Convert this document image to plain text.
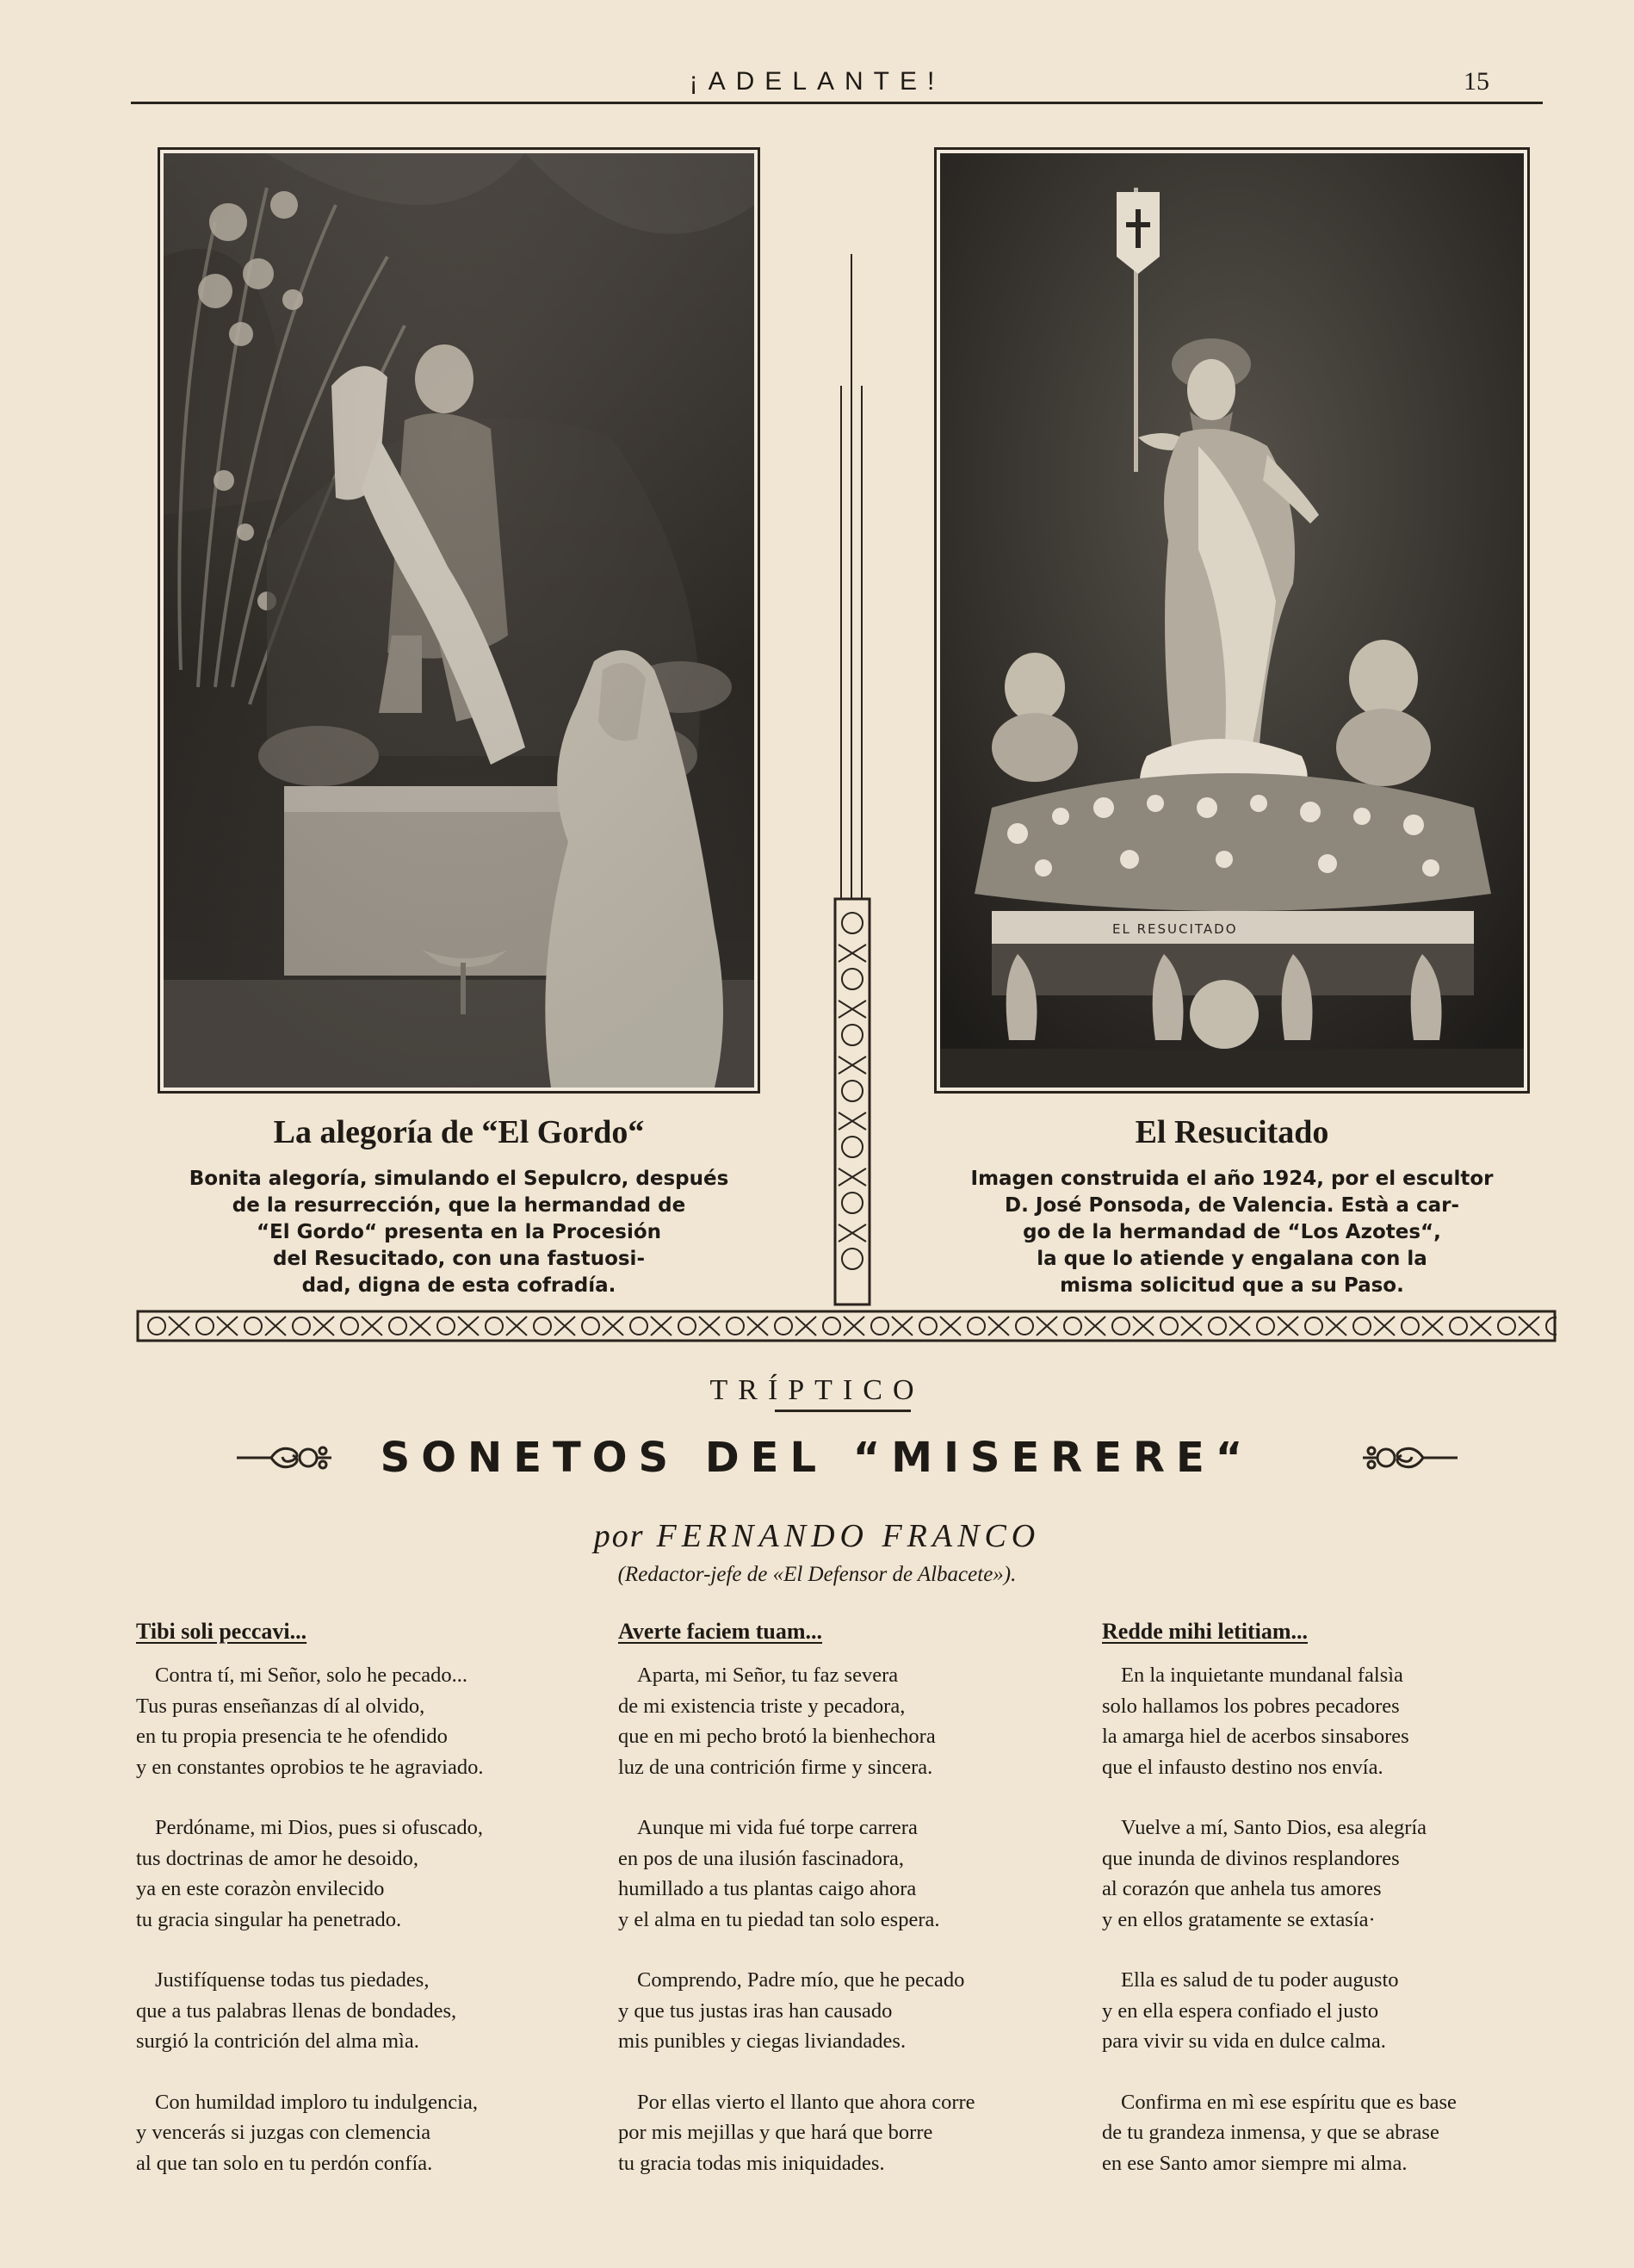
¡ADELANTE!	15
EL RESUCITADO
La alegoría de “El Gordo“
Bonita alegoría, simulando el Sepulcro, después
de la resurrección, que la hermandad de
“El Gordo“ presenta en la Procesión
del Resucitado, con una fastuosi-
dad, digna de esta cofradía.
El Resucitado
Imagen construida el año 1924, por el escultor
D. José Ponsoda, de Valencia. Està a car-
go de la hermandad de “Los Azotes“,
la que lo atiende y engalana con la
misma solicitud que a su Paso.
TRÍPTICO
SONETOS DEL “MISERERE“
por FERNANDO FRANCO
(Redactor-jefe de «El Defensor de Albacete»).
Tibi soli peccavi...
Contra tí, mi Señor, solo he pecado...
Tus puras enseñanzas dí al olvido,
en tu propia presencia te he ofendido
y en constantes oprobios te he agraviado.
Perdóname, mi Dios, pues si ofuscado,
tus doctrinas de amor he desoido,
ya en este corazòn envilecido
tu gracia singular ha penetrado.
Justifíquense todas tus piedades,
que a tus palabras llenas de bondades,
surgió la contrición del alma mìa.
Con humildad imploro tu indulgencia,
y vencerás si juzgas con clemencia
al que tan solo en tu perdón confía.
Averte faciem tuam...
Aparta, mi Señor, tu faz severa
de mi existencia triste y pecadora,
que en mi pecho brotó la bienhechora
luz de una contrición firme y sincera.
Aunque mi vida fué torpe carrera
en pos de una ilusión fascinadora,
humillado a tus plantas caigo ahora
y el alma en tu piedad tan solo espera.
Comprendo, Padre mío, que he pecado
y que tus justas iras han causado
mis punibles y ciegas liviandades.
Por ellas vierto el llanto que ahora corre
por mis mejillas y que hará que borre
tu gracia todas mis iniquidades.
Redde mihi letitiam...
En la inquietante mundanal falsìa
solo hallamos los pobres pecadores
la amarga hiel de acerbos sinsabores
que el infausto destino nos envía.
Vuelve a mí, Santo Dios, esa alegría
que inunda de divinos resplandores
al corazón que anhela tus amores
y en ellos gratamente se extasía·
Ella es salud de tu poder augusto
y en ella espera confiado el justo
para vivir su vida en dulce calma.
Confirma en mì ese espíritu que es base
de tu grandeza inmensa, y que se abrase
en ese Santo amor siempre mi alma.
